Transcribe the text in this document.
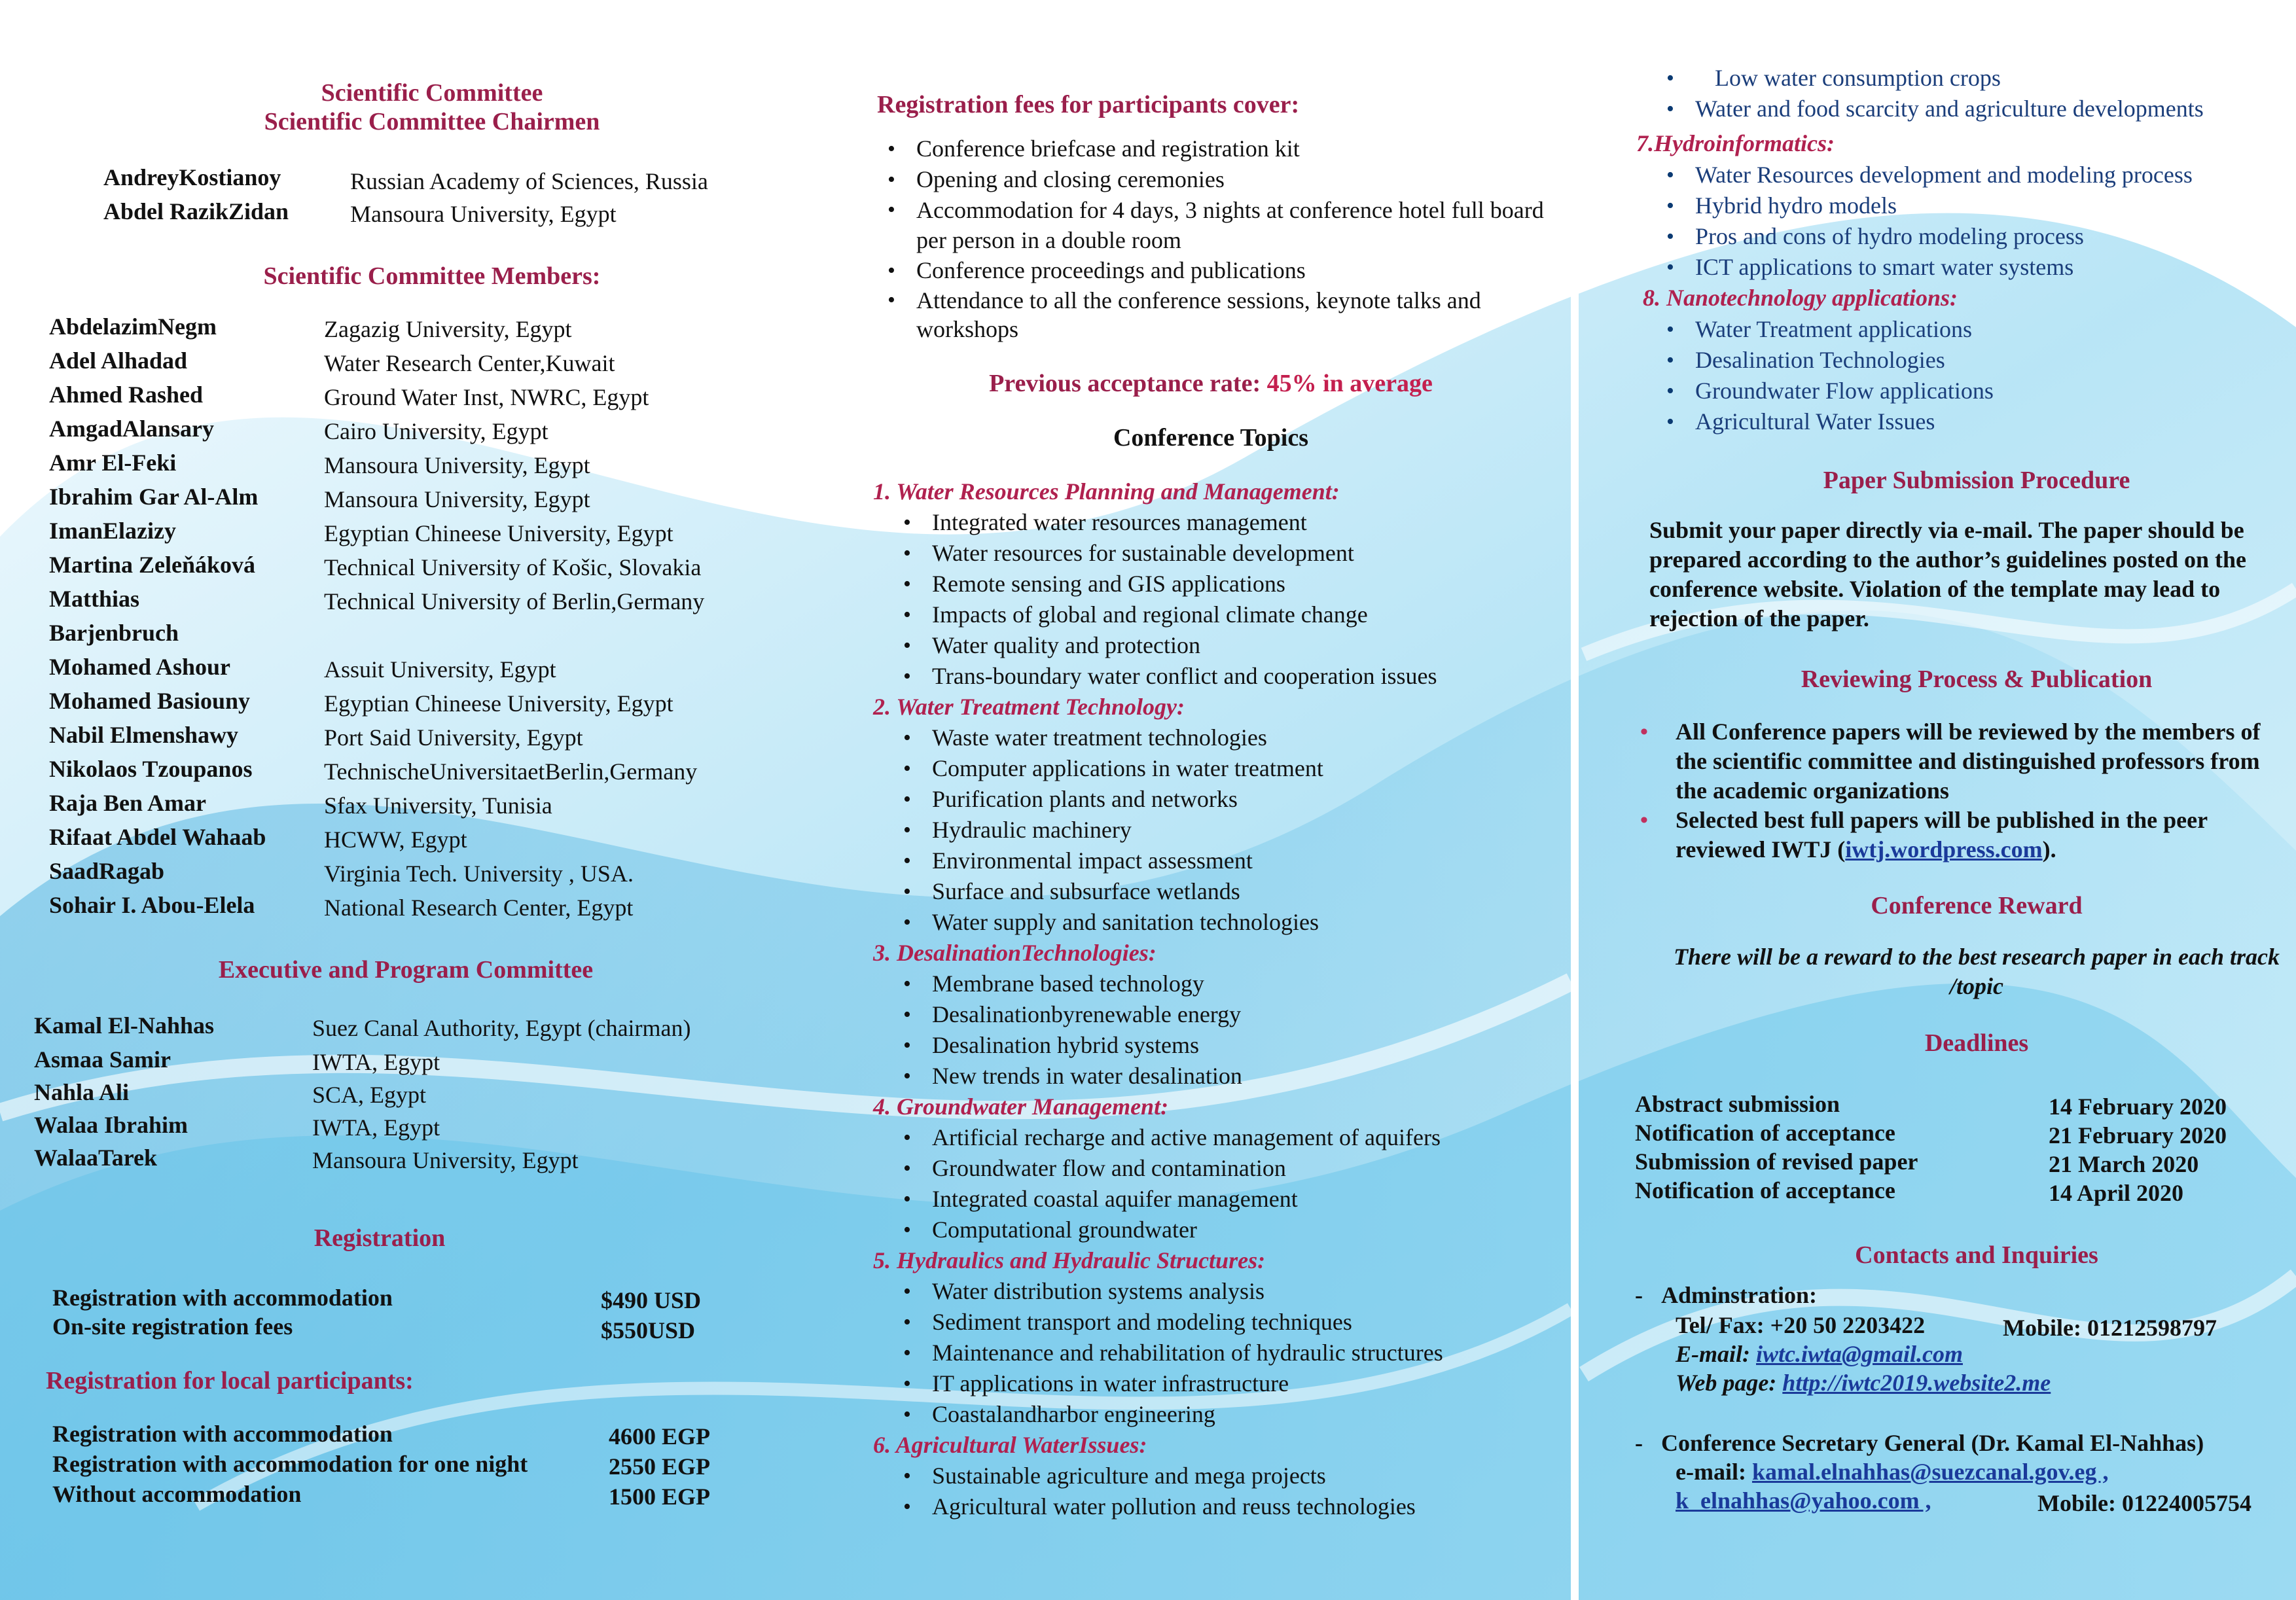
Scientific Committee
Scientific Committee Chairmen
AndreyKostianoy	Russian Academy of Sciences, Russia
Abdel RazikZidan	Mansoura University, Egypt
Scientific Committee Members:
AbdelazimNegm	Zagazig University, Egypt
Adel Alhadad	Water Research Center,Kuwait
Ahmed Rashed	Ground Water Inst, NWRC, Egypt
AmgadAlansary	Cairo University, Egypt
Amr El-Feki	Mansoura University, Egypt
Ibrahim Gar Al-Alm	Mansoura University, Egypt
ImanElazizy	Egyptian Chineese University, Egypt
Martina Zeleňáková	Technical University of Košic, Slovakia
Matthias	Technical University of Berlin,Germany
Barjenbruch
Mohamed Ashour	Assuit University, Egypt
Mohamed Basiouny	Egyptian Chineese University, Egypt
Nabil Elmenshawy	Port Said University, Egypt
Nikolaos Tzoupanos	TechnischeUniversitaetBerlin,Germany
Raja Ben Amar	Sfax University, Tunisia
Rifaat Abdel Wahaab HCWW, Egypt
SaadRagab	Virginia Tech. University , USA.
Sohair I. Abou-Elela	National Research Center, Egypt
Executive and Program Committee
Kamal El-Nahhas	Suez Canal Authority, Egypt (chairman)
Asmaa Samir	IWTA, Egypt
Nahla Ali	SCA, Egypt
Walaa Ibrahim	IWTA, Egypt
WalaaTarek	Mansoura University, Egypt
Registration
Registration with accommodation	$490 USD
On-site registration fees	$550USD
Registration for local participants:
Registration with accommodation	4600 EGP
Registration with accommodation for one night	2550 EGP
Without accommodation	1500 EGP
Registration fees for participants cover:
• Conference briefcase and registration kit
• Opening and closing ceremonies
• Accommodation for 4 days, 3 nights at conference hotel full board per person in a double room
• Conference proceedings and publications
• Attendance to all the conference sessions, keynote talks and workshops
Previous acceptance rate: 45% in average
Conference Topics
1. Water Resources Planning and Management:
• Integrated water resources management
• Water resources for sustainable development
• Remote sensing and GIS applications
• Impacts of global and regional climate change
• Water quality and protection
• Trans-boundary water conflict and cooperation issues
2. Water Treatment Technology:
• Waste water treatment technologies
• Computer applications in water treatment
• Purification plants and networks
• Hydraulic machinery
• Environmental impact assessment
• Surface and subsurface wetlands
• Water supply and sanitation technologies
3. DesalinationTechnologies:
• Membrane based technology
• Desalinationbyrenewable energy
• Desalination hybrid systems
• New trends in water desalination
4. Groundwater Management:
• Artificial recharge and active management of aquifers
• Groundwater flow and contamination
• Integrated coastal aquifer management
• Computational groundwater
5. Hydraulics and Hydraulic Structures:
• Water distribution systems analysis
• Sediment transport and modeling techniques
• Maintenance and rehabilitation of hydraulic structures
• IT applications in water infrastructure
• Coastalandharbor engineering
6. Agricultural WaterIssues:
• Sustainable agriculture and mega projects
• Agricultural water pollution and reuss technologies
• Low water consumption crops
• Water and food scarcity and agriculture developments
7.Hydroinformatics:
• Water Resources development and modeling process
• Hybrid hydro models
• Pros and cons of hydro modeling process
• ICT applications to smart water systems
8. Nanotechnology applications:
• Water Treatment applications
• Desalination Technologies
• Groundwater Flow applications
• Agricultural Water Issues
Paper Submission Procedure
Submit your paper directly via e-mail. The paper should be prepared according to the author’s guidelines posted on the conference website. Violation of the template may lead to rejection of the paper.
Reviewing Process & Publication
• All Conference papers will be reviewed by the members of the scientific committee and distinguished professors from the academic organizations
• Selected best full papers will be published in the peer reviewed IWTJ (iwtj.wordpress.com).
Conference Reward
There will be a reward to the best research paper in each track /topic
Deadlines
Abstract submission	14 February 2020
Notification of acceptance	21 February 2020
Submission of revised paper	21 March 2020
Notification of acceptance	14 April 2020
Contacts and Inquiries
- Adminstration:
Tel/ Fax: +20 50 2203422	Mobile: 01212598797
E-mail: iwtc.iwta@gmail.com
Web page: http://iwtc2019.website2.me
- Conference Secretary General (Dr. Kamal El-Nahhas)
e-mail: kamal.elnahhas@suezcanal.gov.eg ,
k_elnahhas@yahoo.com ,	Mobile: 01224005754
